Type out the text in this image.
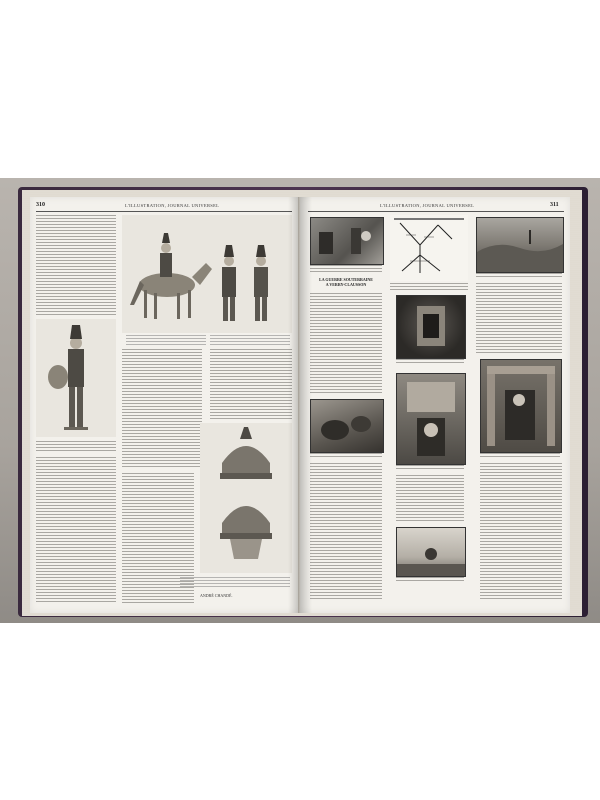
310	L'ILLUSTRATION, JOURNAL UNIVERSEL
ANDRÉ CHANDÉ.
L'ILLUSTRATION, JOURNAL UNIVERSEL	311
LA GUERRE SOUTERRAINE
A VERRY-CLAUSSON
